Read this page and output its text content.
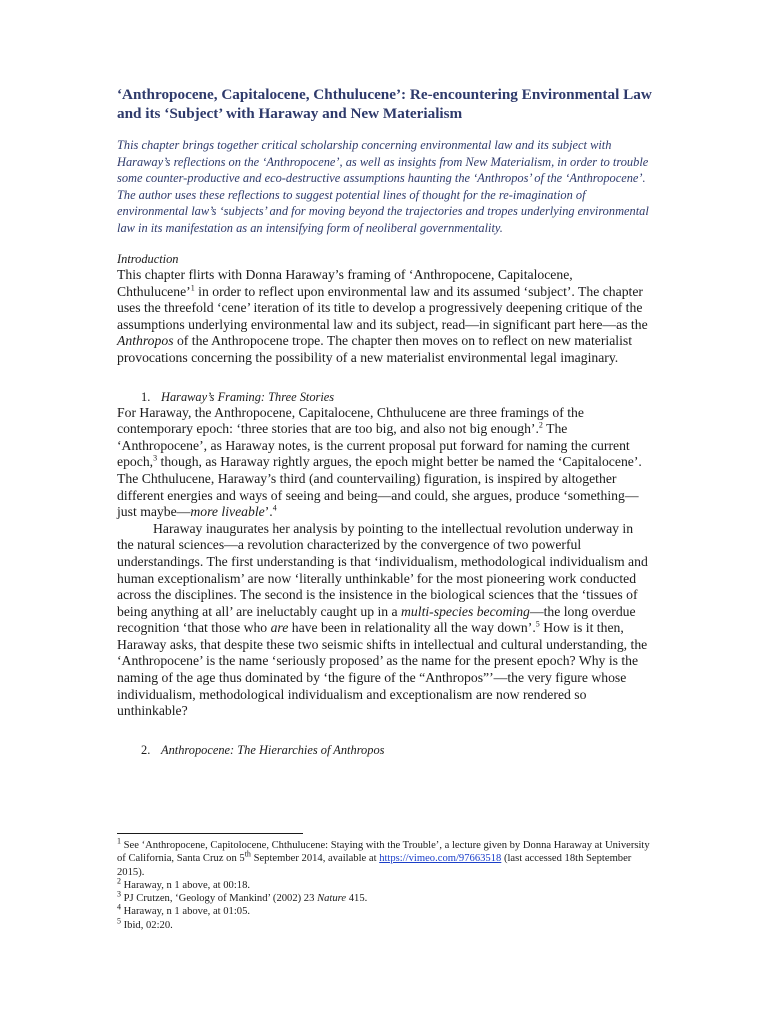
‘Anthropocene, Capitalocene, Chthulucene’: Re-encountering Environmental Law and its ‘Subject’ with Haraway and New Materialism

This chapter brings together critical scholarship concerning environmental law and its subject with Haraway’s reflections on the ‘Anthropocene’, as well as insights from New Materialism, in order to trouble some counter-productive and eco-destructive assumptions haunting the ‘Anthropos’ of the ‘Anthropocene’. The author uses these reflections to suggest potential lines of thought for the re-imagination of environmental law’s ‘subjects’ and for moving beyond the trajectories and tropes underlying environmental law in its manifestation as an intensifying form of neoliberal governmentality.

Introduction

This chapter flirts with Donna Haraway’s framing of ‘Anthropocene, Capitalocene, Chthulucene’$^1$ in order to reflect upon environmental law and its assumed ‘subject’. The chapter uses the threefold ‘cene’ iteration of its title to develop a progressively deepening critique of the assumptions underlying environmental law and its subject, read—in significant part here—as the Anthropos of the Anthropocene trope. The chapter then moves on to reflect on new materialist provocations concerning the possibility of a new materialist environmental legal imaginary.

1. Haraway’s Framing: Three Stories

For Haraway, the Anthropocene, Capitalocene, Chthulucene are three framings of the contemporary epoch: ‘three stories that are too big, and also not big enough’.$^2$ The ‘Anthropocene’, as Haraway notes, is the current proposal put forward for naming the current epoch,$^3$ though, as Haraway rightly argues, the epoch might better be named the ‘Capitalocene’. The Chthulucene, Haraway’s third (and countervailing) figuration, is inspired by altogether different energies and ways of seeing and being—and could, she argues, produce ‘something—just maybe—more liveable’.$^4$

Haraway inaugurates her analysis by pointing to the intellectual revolution underway in the natural sciences—a revolution characterized by the convergence of two powerful understandings. The first understanding is that ‘individualism, methodological individualism and human exceptionalism’ are now ‘literally unthinkable’ for the most pioneering work conducted across the disciplines. The second is the insistence in the biological sciences that the ‘tissues of being anything at all’ are ineluctably caught up in a multi-species becoming—the long overdue recognition ‘that those who are have been in relationality all the way down’.$^5$ How is it then, Haraway asks, that despite these two seismic shifts in intellectual and cultural understanding, the ‘Anthropocene’ is the name ‘seriously proposed’ as the name for the present epoch? Why is the naming of the age thus dominated by ‘the figure of the “Anthropos”’—the very figure whose individualism, methodological individualism and exceptionalism are now rendered so unthinkable?

2. Anthropocene: The Hierarchies of Anthropos

$^1$ See ‘Anthropocene, Capitolocene, Chthulucene: Staying with the Trouble’, a lecture given by Donna Haraway at University of California, Santa Cruz on 5th September 2014, available at https://vimeo.com/97663518 (last accessed 18th September 2015).

$^2$ Haraway, n 1 above, at 00:18.

$^3$ PJ Crutzen, ‘Geology of Mankind’ (2002) 23 Nature 415.

$^4$ Haraway, n 1 above, at 01:05.

$^5$ Ibid, 02:20.
